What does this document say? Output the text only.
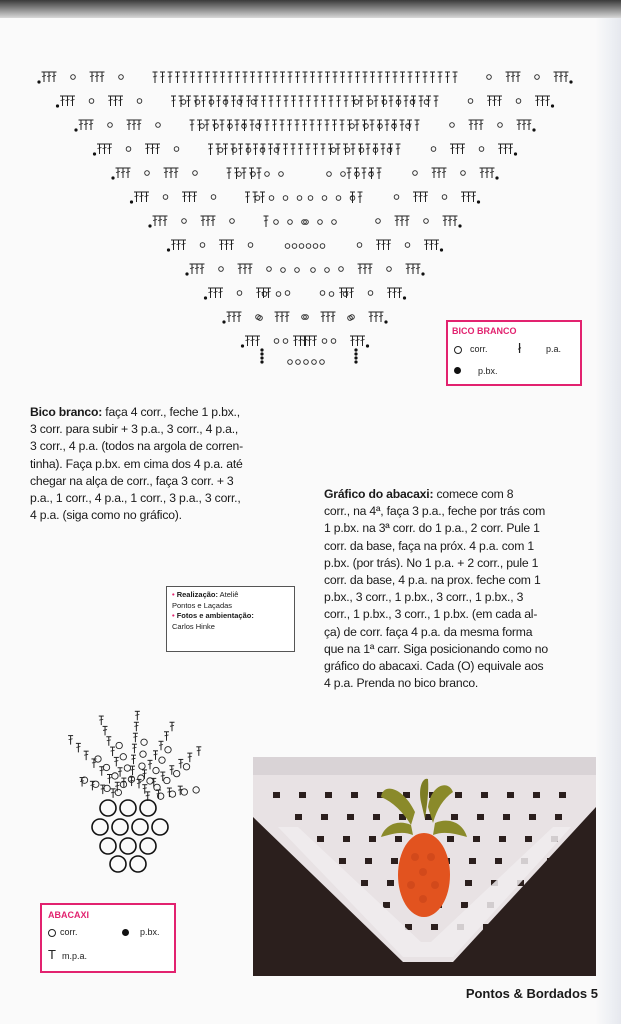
BICO BRANCO
corr. ł	p.a.
p.bx.
Bico branco: faça 4 corr., feche 1 p.bx.,
3 corr. para subir + 3 p.a., 3 corr., 4 p.a.,
3 corr., 4 p.a. (todos na argola de corren-
tinha). Faça p.bx. em cima dos 4 p.a. até
chegar na alça de corr., faça 3 corr. + 3
p.a., 1 corr., 4 p.a., 1 corr., 3 p.a., 3 corr.,
4 p.a. (siga como no gráfico).
Gráfico do abacaxi: comece com 8
corr., na 4ª, faça 3 p.a., feche por trás com
1 p.bx. na 3ª corr. do 1 p.a., 2 corr. Pule 1
corr. da base, faça na próx. 4 p.a. com 1
p.bx. (por trás). No 1 p.a. + 2 corr., pule 1
corr. da base, 4 p.a. na prox. feche com 1
p.bx., 3 corr., 1 p.bx., 3 corr., 1 p.bx., 3
corr., 1 p.bx., 3 corr., 1 p.bx. (em cada al-
ça) de corr. faça 4 p.a. da mesma forma
que na 1ª carr. Siga posicionando como no
gráfico do abacaxi. Cada (O) equivale aos
4 p.a. Prenda no bico branco.
• Realização: Ateliê
Pontos e Laçadas
• Fotos e ambientação:
Carlos Hinke
ABACAXI
corr.	p.bx.
T m.p.a.
Pontos & Bordados 5
